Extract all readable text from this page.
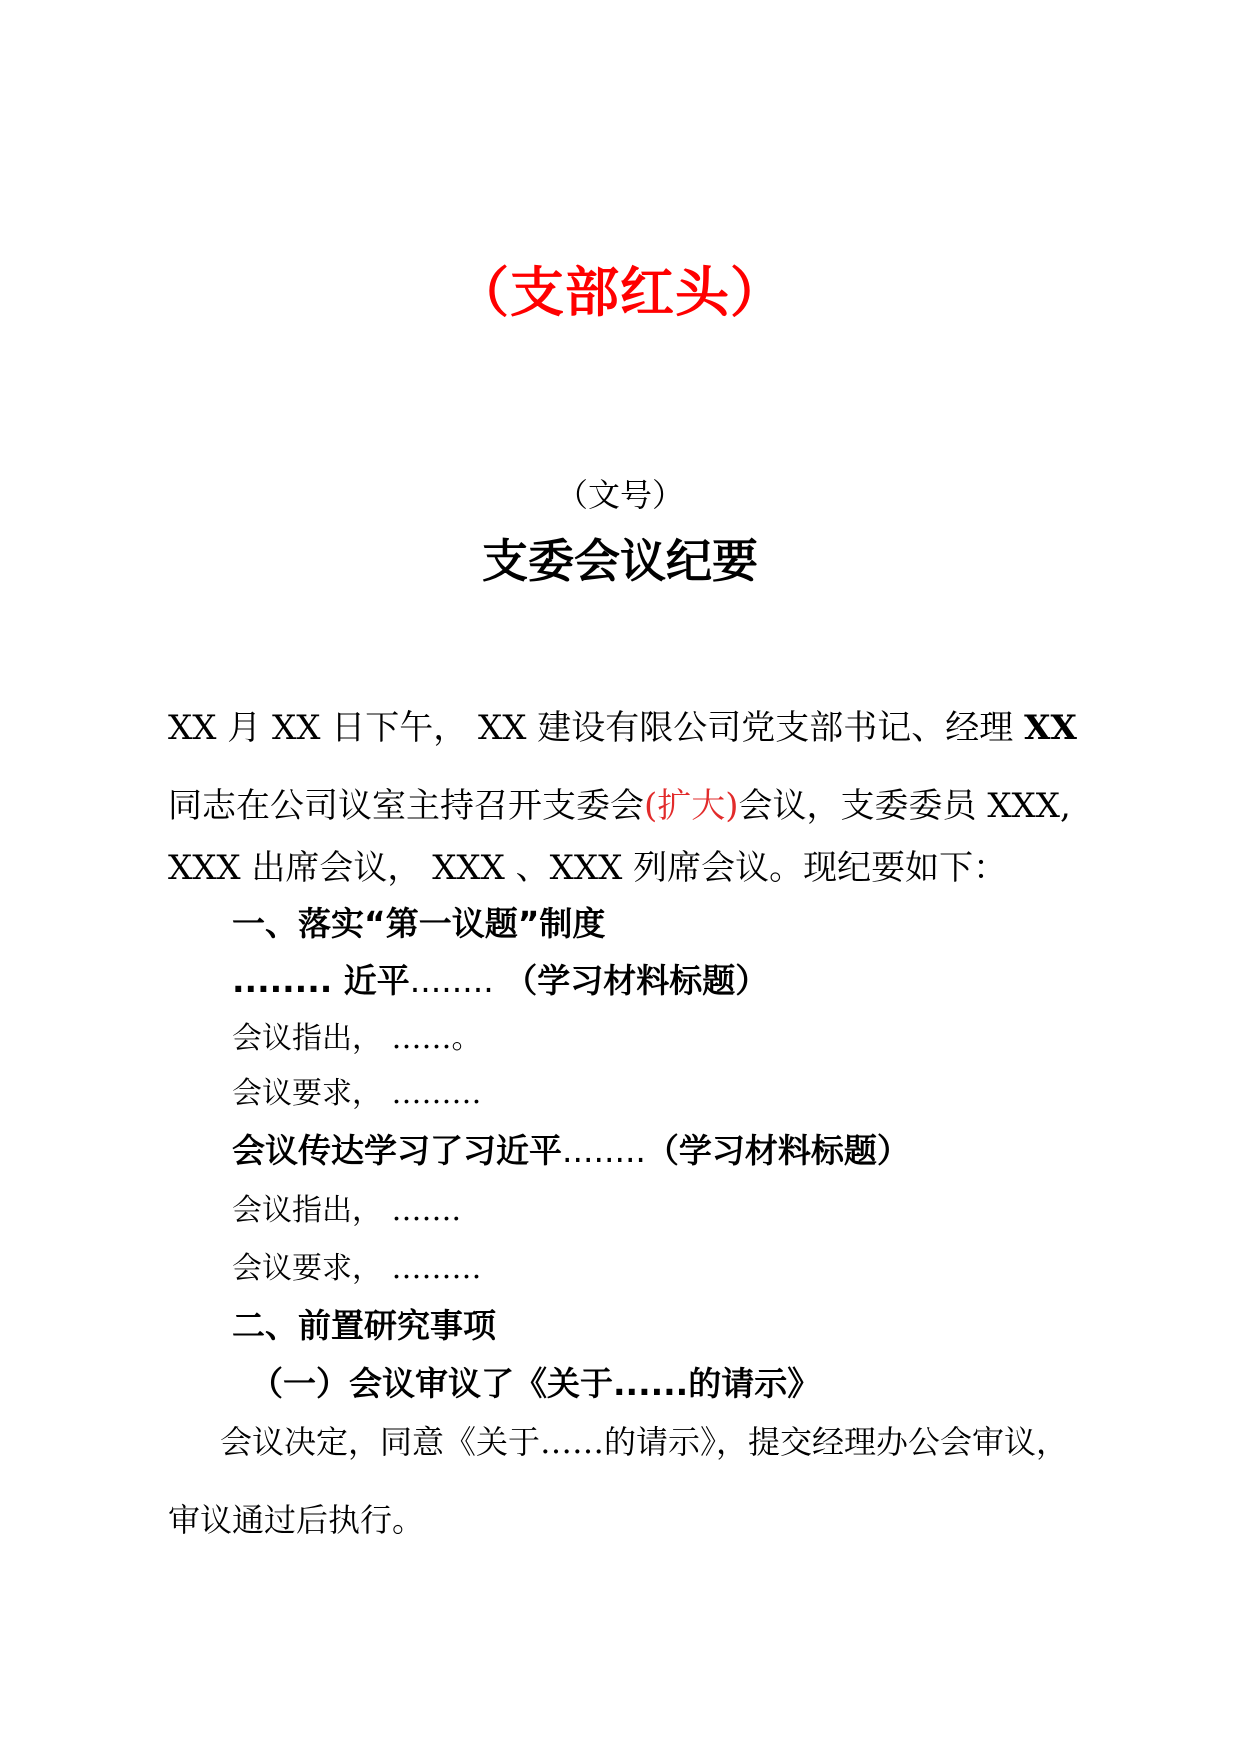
（支部红头）
（文号）
支委会议纪要
XX 月 XX 日下午， XX 建设有限公司党支部书记、经理 XX
同志在公司议室主持召开支委会(扩大)会议，支委委员 XXX,
XXX 出席会议， XXX 、XXX 列席会议。现纪要如下：
一、落实“第一议题”制度
........ 近平........ （学习材料标题）
会议指出， ……。
会议要求， ………
会议传达学习了习近平........（学习材料标题）
会议指出， …….
会议要求， ………
二、前置研究事项
（一）会议审议了《关于......的请示》
会议决定，同意《关于……的请示》，提交经理办公会审议，
审议通过后执行。
